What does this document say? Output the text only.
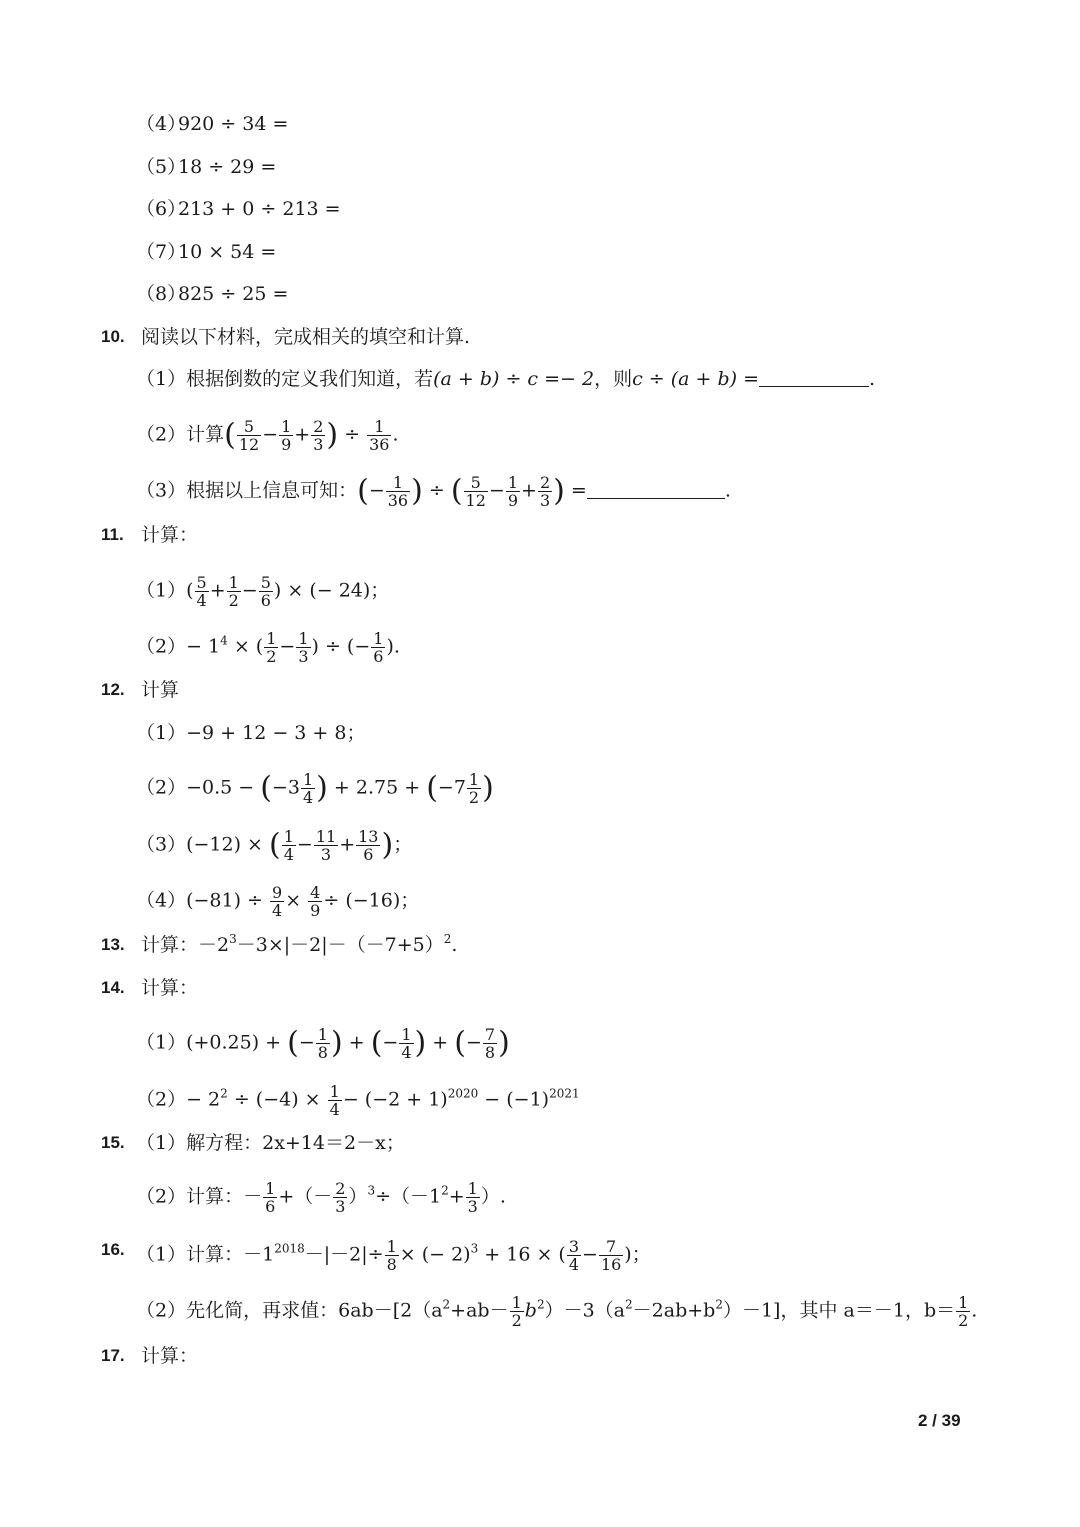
（4）
920 ÷ 34 =
（5）
18 ÷ 29 =
（6）
213 + 0 ÷ 213 =
（7）
10 × 54 =
（8）
825 ÷ 25 =
10. 阅读以下材料，完成相关的填空和计算.
（1）根据倒数的定义我们知道，若(a + b) ÷ c =− 2，则c ÷ (a + b) =	.
（2）计算( $\frac{5}{12} - \frac{1}{9} + \frac{2}{3}$ ) ÷ $\frac{1}{36}$ .
（3）根据以上信息可知：(− $\frac{1}{36}$ ) ÷ ( $\frac{5}{12} - \frac{1}{9} + \frac{2}{3}$ ) =	.
11. 计算：
$(1)( \frac{5}{4} + \frac{1}{2} - \frac{5}{6}$ ) × (− 24)；
$(2)- 1^4$ × ( $\frac{1}{2} - \frac{1}{3}$ ) ÷ (− $\frac{1}{6}$ ).
12. 计算
（1）−9 + 12 − 3 + 8；
$(2)-0.5 - (-3 \frac{1}{4}$ ) + $2.75 + (-7 \frac{1}{2}$ )
（3）(−12) × ( $\frac{1}{4} - \frac{11}{3} + \frac{13}{6}$ )；
$(4)(-81) \div \frac{9}{4} \times \frac{4}{9} \div (-16)$；
13. 计算：$-2^3-3\times|-2|-(-7+5)^2$.
14. 计算：
（1）(+0.25) + (− $\frac{1}{8}$ ) + (− $\frac{1}{4}$ ) + (− $\frac{7}{8}$ )
$(2)- 2^2 \div (-4) \times \frac{1}{4} - (-2 + 1)^{2020} - (-1)^{2021}$
15. （1）解方程：2x+14＝2－x；
（2）计算：－ $\frac{1}{6}$ +（－ $\frac{2}{3} )^3\div(-1^2+ \frac{1}{3}$ ）.
16. （1）计算：$-1^{2018}-|-2|\div \frac{1}{8}$ × (− 2)$^3$ + 16 × ( $\frac{3}{4} - \frac{7}{16}$ )；
（2）先化简，再求值：$6ab-[2(a^2+ab- \frac{1}{2} b^2)-3(a^2-2ab+b^2)-1]$，其中 a＝－1，$b= \frac{1}{2}$ .
17. 计算：
2 / 39
